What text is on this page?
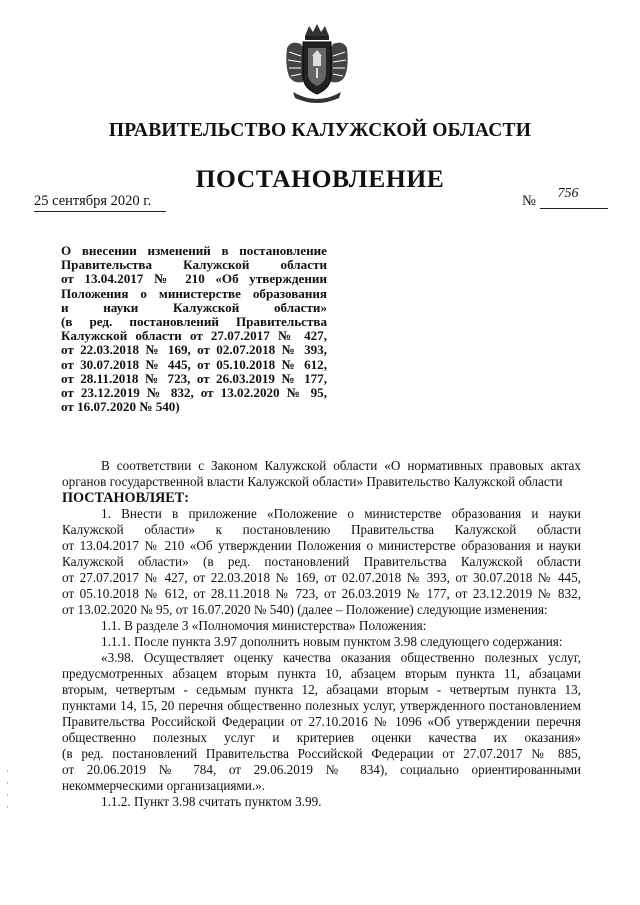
ПРАВИТЕЛЬСТВО КАЛУЖСКОЙ ОБЛАСТИ
ПОСТАНОВЛЕНИЕ
25 сентября 2020 г.	№	756
О внесении изменений в постановление
Правительства Калужской области
от 13.04.2017 № 210 «Об утверждении
Положения о министерстве образования
и науки Калужской области»
(в ред. постановлений Правительства
Калужской области от 27.07.2017 № 427,
от 22.03.2018 № 169, от 02.07.2018 № 393,
от 30.07.2018 № 445, от 05.10.2018 № 612,
от 28.11.2018 № 723, от 26.03.2019 № 177,
от 23.12.2019 № 832, от 13.02.2020 № 95,
от 16.07.2020 № 540)
В соответствии с Законом Калужской области «О нормативных правовых актах
органов государственной власти Калужской области» Правительство Калужской области
ПОСТАНОВЛЯЕТ:
1. Внести в приложение «Положение о министерстве образования и науки
Калужской области» к постановлению Правительства Калужской области
от 13.04.2017 № 210 «Об утверждении Положения о министерстве образования и науки
Калужской области» (в ред. постановлений Правительства Калужской области
от 27.07.2017 № 427, от 22.03.2018 № 169, от 02.07.2018 № 393, от 30.07.2018 № 445,
от 05.10.2018 № 612, от 28.11.2018 № 723, от 26.03.2019 № 177, от 23.12.2019 № 832,
от 13.02.2020 № 95, от 16.07.2020 № 540) (далее – Положение) следующие изменения:
1.1. В разделе 3 «Полномочия министерства» Положения:
1.1.1. После пункта 3.97 дополнить новым пунктом 3.98 следующего содержания:
«3.98. Осуществляет оценку качества оказания общественно полезных услуг,
предусмотренных абзацем вторым пункта 10, абзацем вторым пункта 11, абзацами
вторым, четвертым - седьмым пункта 12, абзацами вторым - четвертым пункта 13,
пунктами 14, 15, 20 перечня общественно полезных услуг, утвержденного постановлением
Правительства Российской Федерации от 27.10.2016 № 1096 «Об утверждении перечня
общественно полезных услуг и критериев оценки качества их оказания»
(в ред. постановлений Правительства Российской Федерации от 27.07.2017 № 885,
от 20.06.2019 № 784, от 29.06.2019 № 834), социально ориентированными
некоммерческими организациями.».
1.1.2. Пункт 3.98 считать пунктом 3.99.
